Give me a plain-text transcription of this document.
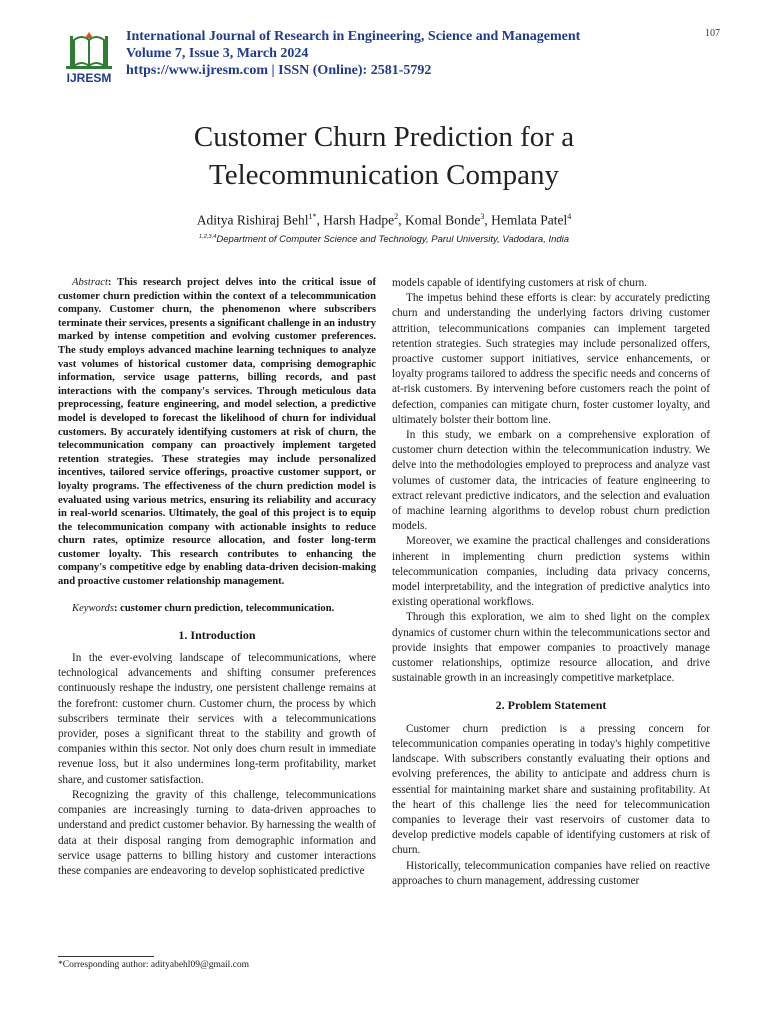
IJRESM
International Journal of Research in Engineering, Science and Management
Volume 7, Issue 3, March 2024
https://www.ijresm.com | ISSN (Online): 2581-5792
107
Customer Churn Prediction for a
Telecommunication Company
Aditya Rishiraj Behl$^{1*}$, Harsh Hadpe$^2$, Komal Bonde$^3$, Hemlata Patel$^4$
$^{1,2,3,4}$Department of Computer Science and Technology, Parul University, Vadodara, India

Abstract: This research project delves into the critical issue of customer churn prediction within the context of a telecommunication company. Customer churn, the phenomenon where subscribers terminate their services, presents a significant challenge in an industry marked by intense competition and evolving customer preferences. The study employs advanced machine learning techniques to analyze vast volumes of historical customer data, comprising demographic information, service usage patterns, billing records, and past interactions with the company's services. Through meticulous data preprocessing, feature engineering, and model selection, a predictive model is developed to forecast the likelihood of churn for individual customers. By accurately identifying customers at risk of churn, the telecommunication company can proactively implement targeted retention strategies. These strategies may include personalized incentives, tailored service offerings, proactive customer support, or loyalty programs. The effectiveness of the churn prediction model is evaluated using various metrics, ensuring its reliability and accuracy in real-world scenarios. Ultimately, the goal of this project is to equip the telecommunication company with actionable insights to reduce churn rates, optimize resource allocation, and foster long-term customer loyalty. This research contributes to enhancing the company's competitive edge by enabling data-driven decision-making and proactive customer relationship management.

Keywords: customer churn prediction, telecommunication.

1. Introduction

In the ever-evolving landscape of telecommunications, where technological advancements and shifting consumer preferences continuously reshape the industry, one persistent challenge remains at the forefront: customer churn. Customer churn, the process by which subscribers terminate their services with a telecommunications provider, poses a significant threat to the stability and growth of companies within this sector. Not only does churn result in immediate revenue loss, but it also undermines long-term profitability, market share, and customer satisfaction.

Recognizing the gravity of this challenge, telecommunications companies are increasingly turning to data-driven approaches to understand and predict customer behavior. By harnessing the wealth of data at their disposal ranging from demographic information and service usage patterns to billing history and customer interactions these companies are endeavoring to develop sophisticated predictive

models capable of identifying customers at risk of churn.

The impetus behind these efforts is clear: by accurately predicting churn and understanding the underlying factors driving customer attrition, telecommunications companies can implement targeted retention strategies. Such strategies may include personalized offers, proactive customer support initiatives, service enhancements, or loyalty programs tailored to address the specific needs and concerns of at-risk customers. By intervening before customers reach the point of defection, companies can mitigate churn, foster customer loyalty, and ultimately bolster their bottom line.

In this study, we embark on a comprehensive exploration of customer churn detection within the telecommunication industry. We delve into the methodologies employed to preprocess and analyze vast volumes of customer data, the intricacies of feature engineering to extract relevant predictive indicators, and the selection and evaluation of machine learning algorithms to develop robust churn prediction models.

Moreover, we examine the practical challenges and considerations inherent in implementing churn prediction systems within telecommunication companies, including data privacy concerns, model interpretability, and the integration of predictive analytics into existing operational workflows.

Through this exploration, we aim to shed light on the complex dynamics of customer churn within the telecommunications sector and provide insights that empower companies to proactively manage customer relationships, optimize resource allocation, and drive sustainable growth in an increasingly competitive marketplace.

2. Problem Statement

Customer churn prediction is a pressing concern for telecommunication companies operating in today's highly competitive landscape. With subscribers constantly evaluating their options and evolving preferences, the ability to anticipate and address churn is essential for maintaining market share and sustaining profitability. At the heart of this challenge lies the need for telecommunication companies to leverage their vast reservoirs of customer data to develop predictive models capable of identifying customers at risk of churn.

Historically, telecommunication companies have relied on reactive approaches to churn management, addressing customer

*Corresponding author: adityabehl09@gmail.com
